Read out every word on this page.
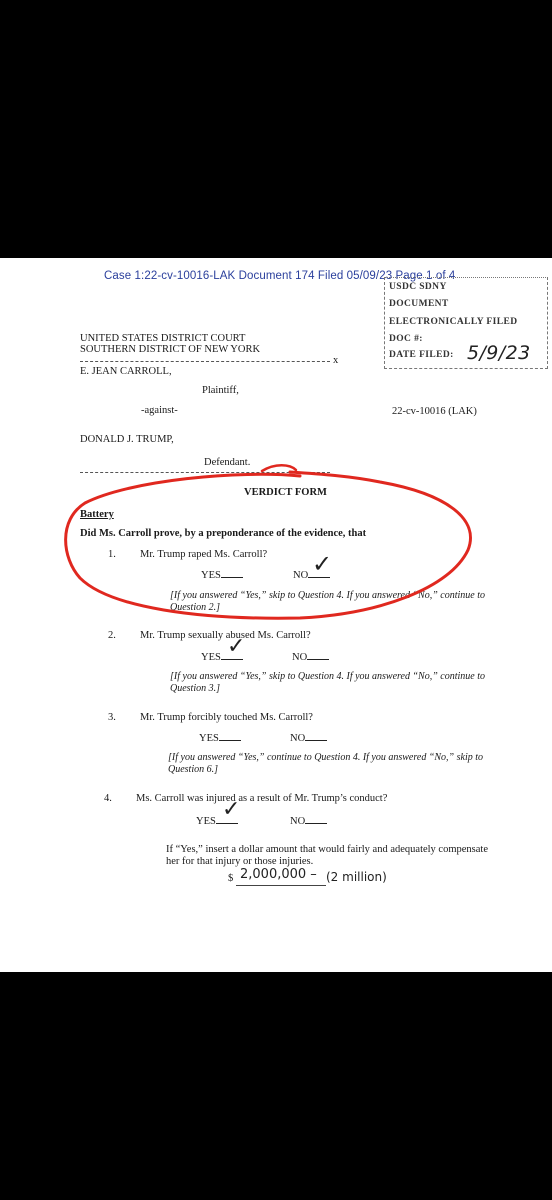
Case 1:22-cv-10016-LAK Document 174 Filed 05/09/23 Page 1 of 4
USDC SDNY
DOCUMENT
ELECTRONICALLY FILED
DOC #:
DATE FILED: 5/9/23
UNITED STATES DISTRICT COURT
SOUTHERN DISTRICT OF NEW YORK
x
E. JEAN CARROLL,
Plaintiff,
-against-	22-cv-10016 (LAK)
DONALD J. TRUMP,
Defendant.
VERDICT FORM
Battery
Did Ms. Carroll prove, by a preponderance of the evidence, that
1. Mr. Trump raped Ms. Carroll?
YES	NO
[If you answered “Yes,” skip to Question 4. If you answered “No,” continue to Question 2.]
2. Mr. Trump sexually abused Ms. Carroll?
YES	NO
[If you answered “Yes,” skip to Question 4. If you answered “No,” continue to Question 3.]
3. Mr. Trump forcibly touched Ms. Carroll?
YES	NO
[If you answered “Yes,” continue to Question 4. If you answered “No,” skip to Question 6.]
4. Ms. Carroll was injured as a result of Mr. Trump’s conduct?
YES	NO
If “Yes,” insert a dollar amount that would fairly and adequately compensate her for that injury or those injuries.
$ 2,000,000 – (2 million)
✓
✓
✓
